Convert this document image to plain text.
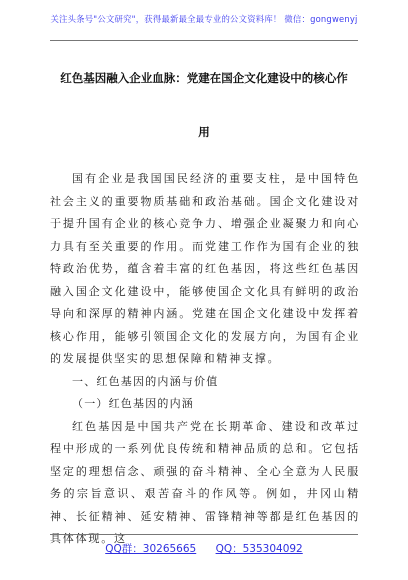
关注头条号"公文研究"，获得最新最全最专业的公文资料库！ 微信：gongwenyj
红色基因融入企业血脉：党建在国企文化建设中的核心作
用

国有企业是我国国民经济的重要支柱，是中国特色社会主义的重要物质基础和政治基础。国企文化建设对于提升国有企业的核心竞争力、增强企业凝聚力和向心力具有至关重要的作用。而党建工作作为国有企业的独特政治优势，蕴含着丰富的红色基因，将这些红色基因融入国企文化建设中，能够使国企文化具有鲜明的政治导向和深厚的精神内涵。党建在国企文化建设中发挥着核心作用，能够引领国企文化的发展方向，为国有企业的发展提供坚实的思想保障和精神支撑。

一、红色基因的内涵与价值

（一）红色基因的内涵

红色基因是中国共产党在长期革命、建设和改革过程中形成的一系列优良传统和精神品质的总和。它包括坚定的理想信念、顽强的奋斗精神、全心全意为人民服务的宗旨意识、艰苦奋斗的作风等。例如，井冈山精神、长征精神、延安精神、雷锋精神等都是红色基因的具体体现。这

QQ群：30265665 QQ：535304092
